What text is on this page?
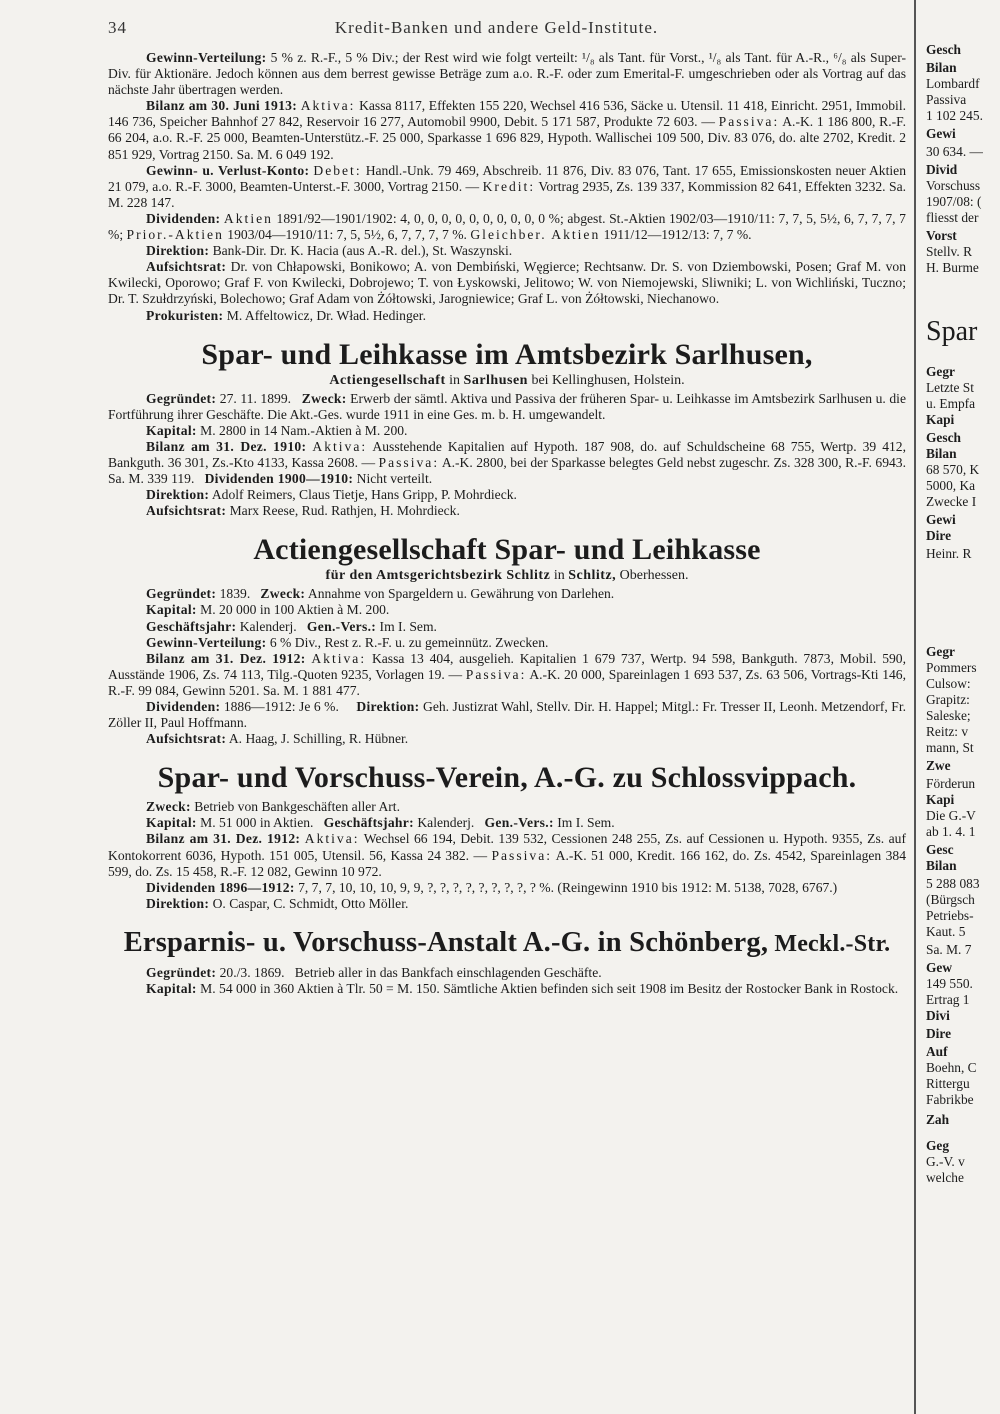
34	Kredit-Banken und andere Geld-Institute.

Gewinn-Verteilung: 5 % z. R.-F., 5 % Div.; der Rest wird wie folgt verteilt: ¹/₈ als Tant. für Vorst., ¹/₈ als Tant. für A.-R., ⁶/₈ als Super-Div. für Aktionäre. Jedoch können aus dem berrest gewisse Beträge zum a.o. R.-F. oder zum Emerital-F. umgeschrieben oder als Vortrag auf das nächste Jahr übertragen werden.

Bilanz am 30. Juni 1913: Aktiva: Kassa 8117, Effekten 155 220, Wechsel 416 536, Säcke u. Utensil. 11 418, Einricht. 2951, Immobil. 146 736, Speicher Bahnhof 27 842, Reservoir 16 277, Automobil 9900, Debit. 5 171 587, Produkte 72 603. — Passiva: A.-K. 1 186 800, R.-F. 66 204, a.o. R.-F. 25 000, Beamten-Unterstütz.-F. 25 000, Sparkasse 1 696 829, Hypoth. Wallischei 109 500, Div. 83 076, do. alte 2702, Kredit. 2 851 929, Vortrag 2150. Sa. M. 6 049 192.

Gewinn- u. Verlust-Konto: Debet: Handl.-Unk. 79 469, Abschreib. 11 876, Div. 83 076, Tant. 17 655, Emissionskosten neuer Aktien 21 079, a.o. R.-F. 3000, Beamten-Unterst.-F. 3000, Vortrag 2150. — Kredit: Vortrag 2935, Zs. 139 337, Kommission 82 641, Effekten 3232. Sa. M. 228 147.

Dividenden: Aktien 1891/92—1901/1902: 4, 0, 0, 0, 0, 0, 0, 0, 0, 0, 0 %; abgest. St.-Aktien 1902/03—1910/11: 7, 7, 5, 5½, 6, 7, 7, 7, 7 %; Prior.-Aktien 1903/04—1910/11: 7, 5, 5½, 6, 7, 7, 7, 7 %. Gleichber. Aktien 1911/12—1912/13: 7, 7 %.

Direktion: Bank-Dir. Dr. K. Hacia (aus A.-R. del.), St. Waszynski.

Aufsichtsrat: Dr. von Chłapowski, Bonikowo; A. von Dembiński, Węgierce; Rechtsanw. Dr. S. von Dziembowski, Posen; Graf M. von Kwilecki, Oporowo; Graf F. von Kwilecki, Dobrojewo; T. von Łyskowski, Jelitowo; W. von Niemojewski, Sliwniki; L. von Wichliński, Tuczno; Dr. T. Szułdrzyński, Bolechowo; Graf Adam von Żółtowski, Jarogniewice; Graf L. von Żółtowski, Niechanowo.

Prokuristen: M. Affeltowicz, Dr. Wład. Hedinger.

Spar- und Leihkasse im Amtsbezirk Sarlhusen,

Actiengesellschaft in Sarlhusen bei Kellinghusen, Holstein.

Gegründet: 27. 11. 1899. Zweck: Erwerb der sämtl. Aktiva und Passiva der früheren Spar- u. Leihkasse im Amtsbezirk Sarlhusen u. die Fortführung ihrer Geschäfte. Die Akt.-Ges. wurde 1911 in eine Ges. m. b. H. umgewandelt.

Kapital: M. 2800 in 14 Nam.-Aktien à M. 200.

Bilanz am 31. Dez. 1910: Aktiva: Ausstehende Kapitalien auf Hypoth. 187 908, do. auf Schuldscheine 68 755, Wertp. 39 412, Bankguth. 36 301, Zs.-Kto 4133, Kassa 2608. — Passiva: A.-K. 2800, bei der Sparkasse belegtes Geld nebst zugeschr. Zs. 328 300, R.-F. 6943. Sa. M. 339 119. Dividenden 1900—1910: Nicht verteilt.

Direktion: Adolf Reimers, Claus Tietje, Hans Gripp, P. Mohrdieck.

Aufsichtsrat: Marx Reese, Rud. Rathjen, H. Mohrdieck.

Actiengesellschaft Spar- und Leihkasse

für den Amtsgerichtsbezirk Schlitz in Schlitz, Oberhessen.

Gegründet: 1839. Zweck: Annahme von Spargeldern u. Gewährung von Darlehen.

Kapital: M. 20 000 in 100 Aktien à M. 200.

Geschäftsjahr: Kalenderj. Gen.-Vers.: Im I. Sem.

Gewinn-Verteilung: 6 % Div., Rest z. R.-F. u. zu gemeinnütz. Zwecken.

Bilanz am 31. Dez. 1912: Aktiva: Kassa 13 404, ausgelieh. Kapitalien 1 679 737, Wertp. 94 598, Bankguth. 7873, Mobil. 590, Ausstände 1906, Zs. 74 113, Tilg.-Quoten 9235, Vorlagen 19. — Passiva: A.-K. 20 000, Spareinlagen 1 693 537, Zs. 63 506, Vortrags-Kti 146, R.-F. 99 084, Gewinn 5201. Sa. M. 1 881 477.

Dividenden: 1886—1912: Je 6 %. Direktion: Geh. Justizrat Wahl, Stellv. Dir. H. Happel; Mitgl.: Fr. Tresser II, Leonh. Metzendorf, Fr. Zöller II, Paul Hoffmann.

Aufsichtsrat: A. Haag, J. Schilling, R. Hübner.

Spar- und Vorschuss-Verein, A.-G. zu Schlossvippach.

Zweck: Betrieb von Bankgeschäften aller Art.

Kapital: M. 51 000 in Aktien. Geschäftsjahr: Kalenderj. Gen.-Vers.: Im I. Sem.

Bilanz am 31. Dez. 1912: Aktiva: Wechsel 66 194, Debit. 139 532, Cessionen 248 255, Zs. auf Cessionen u. Hypoth. 9355, Zs. auf Kontokorrent 6036, Hypoth. 151 005, Utensil. 56, Kassa 24 382. — Passiva: A.-K. 51 000, Kredit. 166 162, do. Zs. 4542, Spareinlagen 384 599, do. Zs. 15 458, R.-F. 12 082, Gewinn 10 972.

Dividenden 1896—1912: 7, 7, 7, 10, 10, 10, 9, 9, ?, ?, ?, ?, ?, ?, ?, ?, ? %. (Reingewinn 1910 bis 1912: M. 5138, 7028, 6767.)

Direktion: O. Caspar, C. Schmidt, Otto Möller.

Ersparnis- u. Vorschuss-Anstalt A.-G. in Schönberg, Meckl.-Str.

Gegründet: 20./3. 1869. Betrieb aller in das Bankfach einschlagenden Geschäfte.

Kapital: M. 54 000 in 360 Aktien à Tlr. 50 = M. 150. Sämtliche Aktien befinden sich seit 1908 im Besitz der Rostocker Bank in Rostock.

Gesch
Bilan
Lombardf
Passiva
1 102 245.
Gewi
30 634. —
Divid
Vorschuss
1907/08: (
fliesst der
Vorst
Stellv. R
H. Burme
Spar
Gegr
Letzte St
u. Empfa
Kapi
Gesch
Bilan
68 570, K
5000, Ka
Zwecke I
Gewi
Dire
Heinr. R
Gegr
Pommers
Culsow:
Grapitz:
Saleske;
Reitz: v
mann, St
Zwe
Förderun
Kapi
Die G.-V
ab 1. 4. 1
Gesc
Bilan
5 288 083
(Bürgsch
Petriebs-
Kaut. 5
Sa. M. 7
Gew
149 550.
Ertrag 1
Divi
Dire
Auf
Boehn, C
Rittergu
Fabrikbe
Zah
Geg
G.-V. v
welche
